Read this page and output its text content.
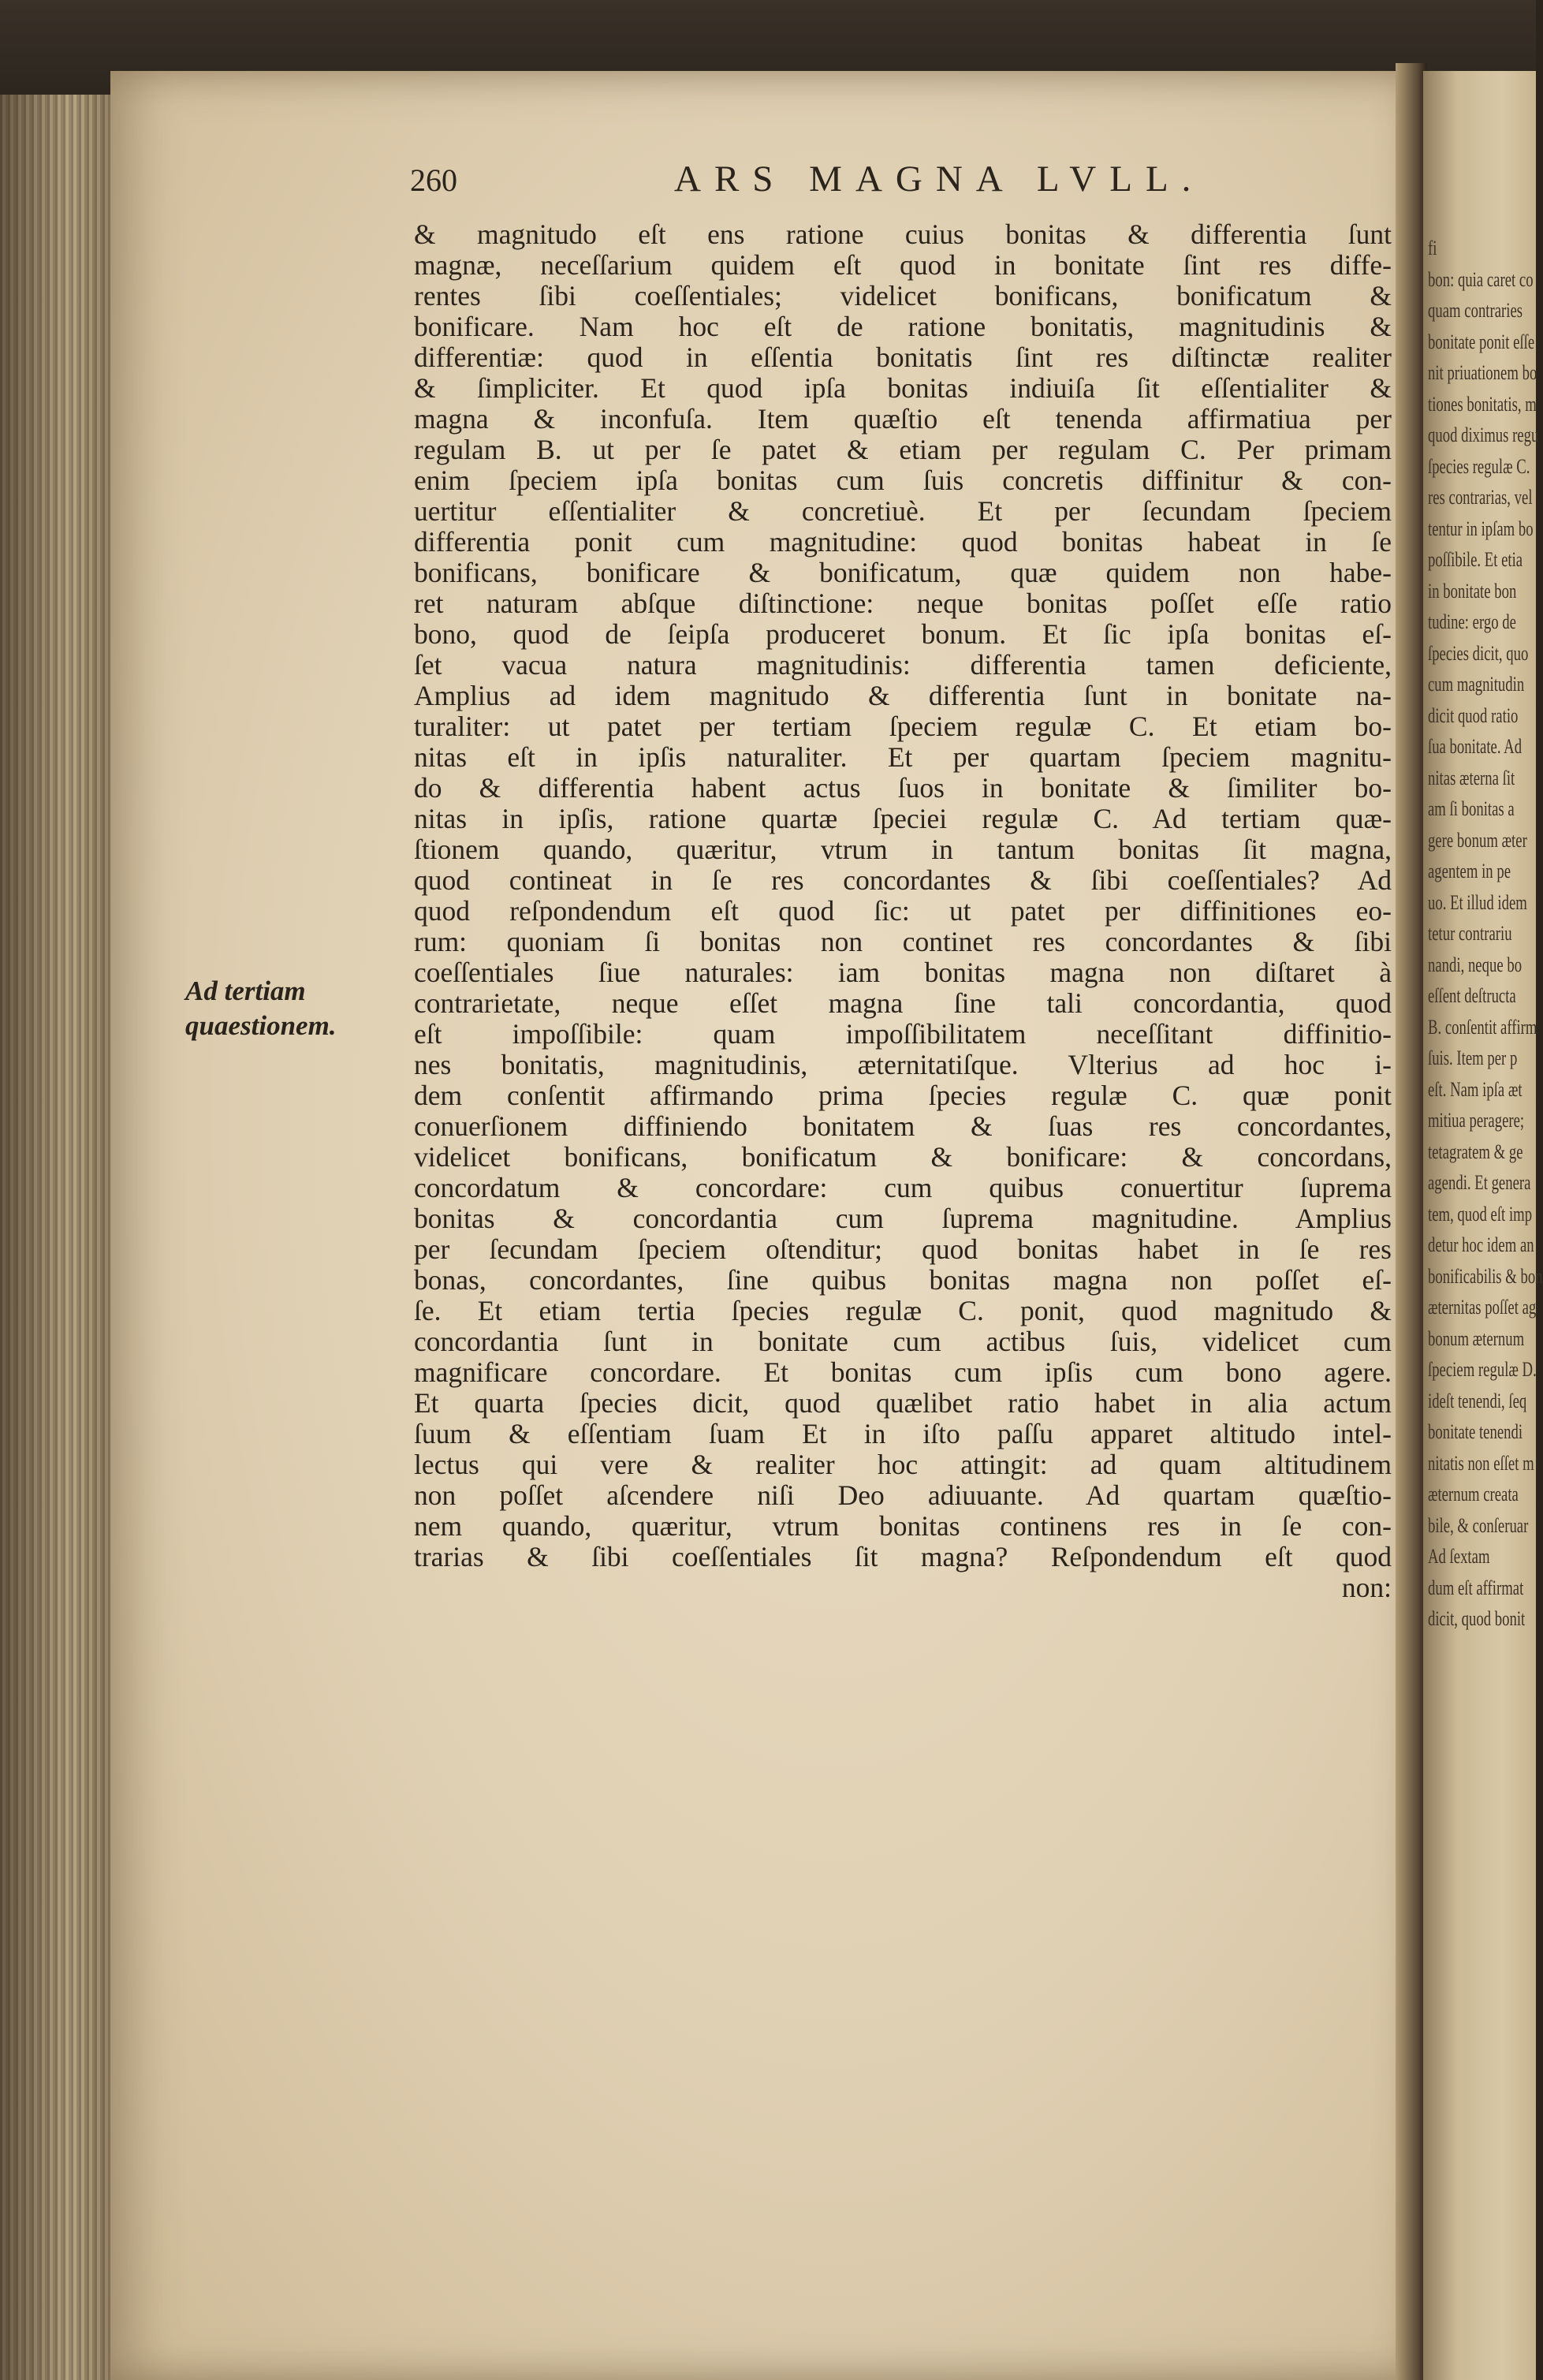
fi
bon: quia caret co
quam contraries
bonitate ponit eſſe
nit priuationem bo
tiones bonitatis, m
quod diximus regu
ſpecies regulæ C.
res contrarias, vel
tentur in ipſam bo
poſſibile. Et etia
in bonitate bon
tudine: ergo de
ſpecies dicit, quo
cum magnitudin
dicit quod ratio
ſua bonitate. Ad
nitas æterna ſit
am ſi bonitas a
gere bonum æter
agentem in pe
uo. Et illud idem
tetur contrariu
nandi, neque bo
eſſent deſtructa
B. conſentit affirm
ſuis. Item per p
eſt. Nam ipſa æt
mitiua peragere;
tetagratem & ge
agendi. Et genera
tem, quod eſt imp
detur hoc idem an
bonificabilis & bon
æternitas poſſet ag
bonum æternum
ſpeciem regulæ D.
ideſt tenendi, ſeq
bonitate tenendi
nitatis non eſſet m
æternum creata
bile, & conſeruar
Ad ſextam
dum eſt affirmat
dicit, quod bonit
260	ARS MAGNA LVLL.
Ad tertiam
quaestionem.
& magnitudo eſt ens ratione cuius bonitas & differentia ſunt
magnæ, neceſſarium quidem eſt quod in bonitate ſint res diffe-
rentes ſibi coeſſentiales; videlicet bonificans, bonificatum &
bonificare. Nam hoc eſt de ratione bonitatis, magnitudinis &
differentiæ: quod in eſſentia bonitatis ſint res diſtinctæ realiter
& ſimpliciter. Et quod ipſa bonitas indiuiſa ſit eſſentialiter &
magna & inconfuſa. Item quæſtio eſt tenenda affirmatiua per
regulam B. ut per ſe patet & etiam per regulam C. Per primam
enim ſpeciem ipſa bonitas cum ſuis concretis diffinitur & con-
uertitur eſſentialiter & concretiuè. Et per ſecundam ſpeciem
differentia ponit cum magnitudine: quod bonitas habeat in ſe
bonificans, bonificare & bonificatum, quæ quidem non habe-
ret naturam abſque diſtinctione: neque bonitas poſſet eſſe ratio
bono, quod de ſeipſa produceret bonum. Et ſic ipſa bonitas eſ-
ſet vacua natura magnitudinis: differentia tamen deficiente,
Amplius ad idem magnitudo & differentia ſunt in bonitate na-
turaliter: ut patet per tertiam ſpeciem regulæ C. Et etiam bo-
nitas eſt in ipſis naturaliter. Et per quartam ſpeciem magnitu-
do & differentia habent actus ſuos in bonitate & ſimiliter bo-
nitas in ipſis, ratione quartæ ſpeciei regulæ C. Ad tertiam quæ-
ſtionem quando, quæritur, vtrum in tantum bonitas ſit magna,
quod contineat in ſe res concordantes & ſibi coeſſentiales? Ad
quod reſpondendum eſt quod ſic: ut patet per diffinitiones eo-
rum: quoniam ſi bonitas non continet res concordantes & ſibi
coeſſentiales ſiue naturales: iam bonitas magna non diſtaret à
contrarietate, neque eſſet magna ſine tali concordantia, quod
eſt impoſſibile: quam impoſſibilitatem neceſſitant diffinitio-
nes bonitatis, magnitudinis, æternitatiſque. Vlterius ad hoc i-
dem conſentit affirmando prima ſpecies regulæ C. quæ ponit
conuerſionem diffiniendo bonitatem & ſuas res concordantes,
videlicet bonificans, bonificatum & bonificare: & concordans,
concordatum & concordare: cum quibus conuertitur ſuprema
bonitas & concordantia cum ſuprema magnitudine. Amplius
per ſecundam ſpeciem oſtenditur; quod bonitas habet in ſe res
bonas, concordantes, ſine quibus bonitas magna non poſſet eſ-
ſe. Et etiam tertia ſpecies regulæ C. ponit, quod magnitudo &
concordantia ſunt in bonitate cum actibus ſuis, videlicet cum
magnificare concordare. Et bonitas cum ipſis cum bono agere.
Et quarta ſpecies dicit, quod quælibet ratio habet in alia actum
ſuum & eſſentiam ſuam Et in iſto paſſu apparet altitudo intel-
lectus qui vere & realiter hoc attingit: ad quam altitudinem
non poſſet aſcendere niſi Deo adiuuante. Ad quartam quæſtio-
nem quando, quæritur, vtrum bonitas continens res in ſe con-
trarias & ſibi coeſſentiales ſit magna? Reſpondendum eſt quod
non:
